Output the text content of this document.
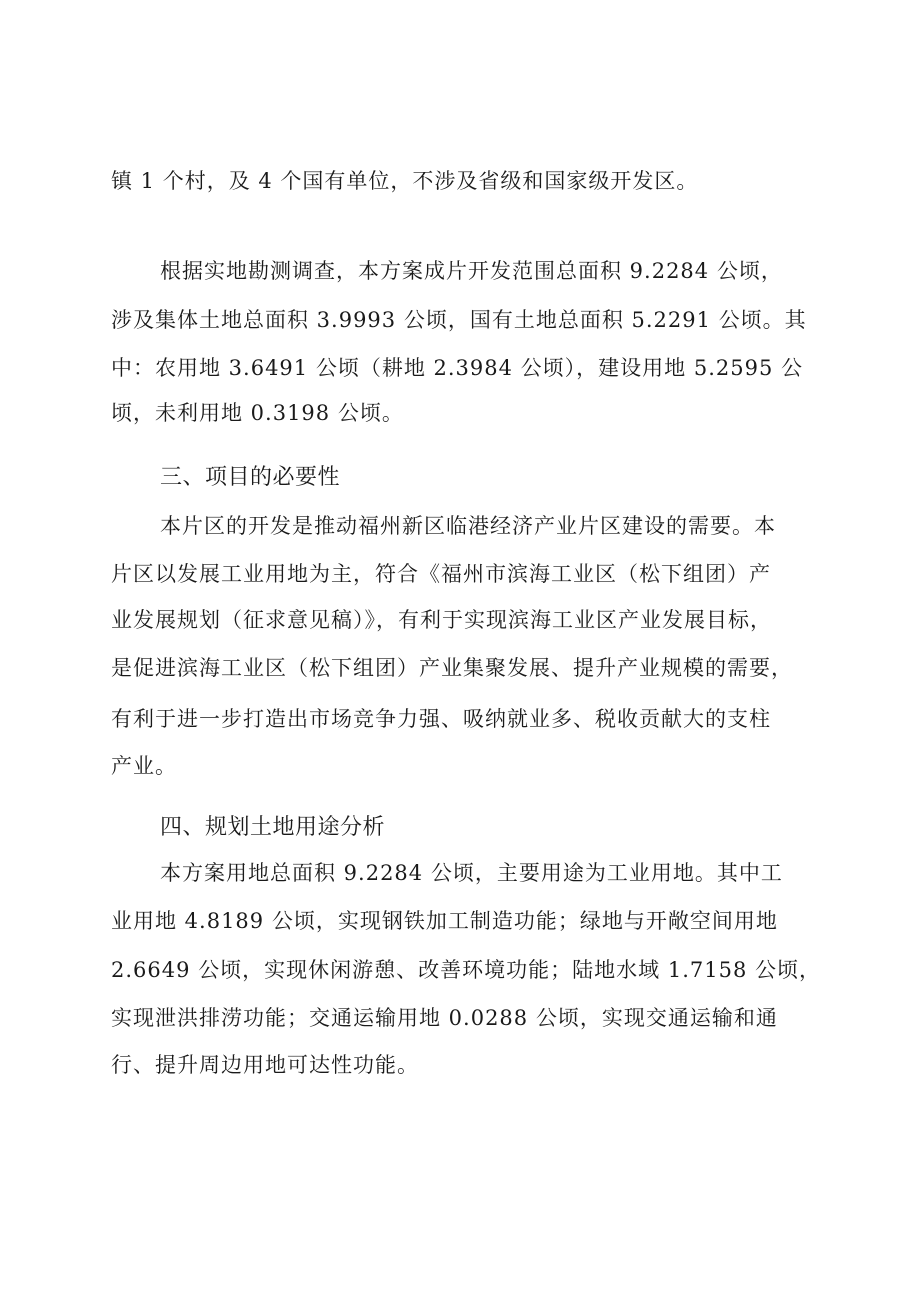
镇 1 个村，及 4 个国有单位，不涉及省级和国家级开发区。
根据实地勘测调查，本方案成片开发范围总面积 9.2284 公顷，
涉及集体土地总面积 3.9993 公顷，国有土地总面积 5.2291 公顷。其
中：农用地 3.6491 公顷（耕地 2.3984 公顷），建设用地 5.2595 公
顷，未利用地 0.3198 公顷。
三、项目的必要性
本片区的开发是推动福州新区临港经济产业片区建设的需要。本
片区以发展工业用地为主，符合《福州市滨海工业区（松下组团）产
业发展规划（征求意见稿）》，有利于实现滨海工业区产业发展目标，
是促进滨海工业区（松下组团）产业集聚发展、提升产业规模的需要，
有利于进一步打造出市场竞争力强、吸纳就业多、税收贡献大的支柱
产业。
四、规划土地用途分析
本方案用地总面积 9.2284 公顷，主要用途为工业用地。其中工
业用地 4.8189 公顷，实现钢铁加工制造功能；绿地与开敞空间用地
2.6649 公顷，实现休闲游憩、改善环境功能；陆地水域 1.7158 公顷，
实现泄洪排涝功能；交通运输用地 0.0288 公顷，实现交通运输和通
行、提升周边用地可达性功能。
